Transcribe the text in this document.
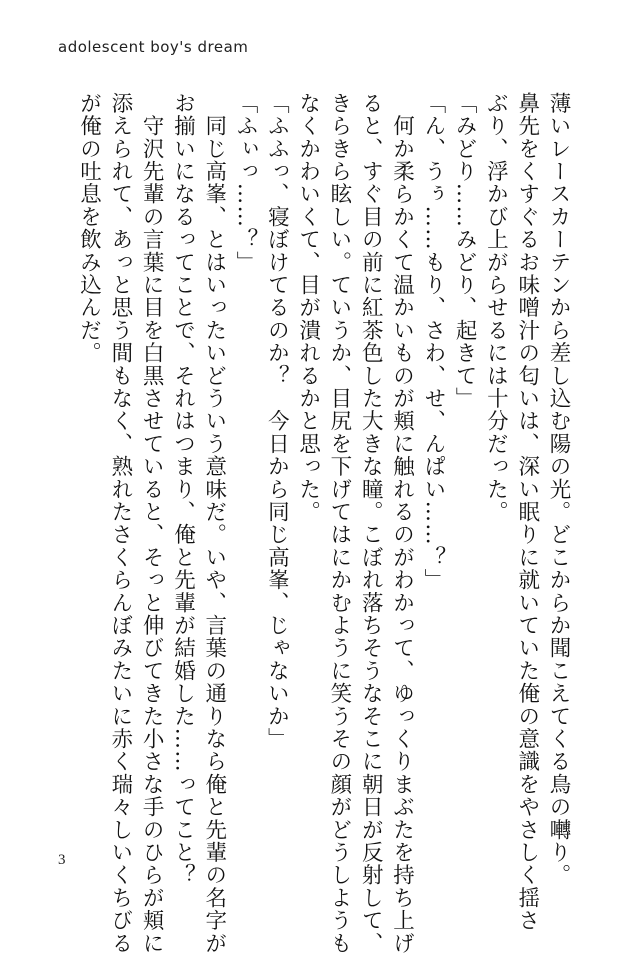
adolescent boy's dream
薄いレースカーテンから差し込む陽の光。どこからか聞こえてくる鳥の囀り。
鼻先をくすぐるお味噌汁の匂いは、深い眠りに就いていた俺の意識をやさしく揺さ
ぶり、浮かび上がらせるには十分だった。
「みどり……みどり、起きて」
「ん、うぅ……もり、さわ、せ、んぱい……？」
　何か柔らかくて温かいものが頬に触れるのがわかって、ゆっくりまぶたを持ち上げ
ると、すぐ目の前に紅茶色した大きな瞳。こぼれ落ちそうなそこに朝日が反射して、
きらきら眩しい。ていうか、目尻を下げてはにかむように笑うその顔がどうしようも
なくかわいくて、目が潰れるかと思った。
「ふふっ、寝ぼけてるのか？　今日から同じ高峯、じゃないか」
「ふぃっ……？」
　同じ高峯、とはいったいどういう意味だ。いや、言葉の通りなら俺と先輩の名字が
お揃いになるってことで、それはつまり、俺と先輩が結婚した……ってこと？
　守沢先輩の言葉に目を白黒させていると、そっと伸びてきた小さな手のひらが頬に
添えられて、あっと思う間もなく、熟れたさくらんぼみたいに赤く瑞々しいくちびる
が俺の吐息を飲み込んだ。
3
